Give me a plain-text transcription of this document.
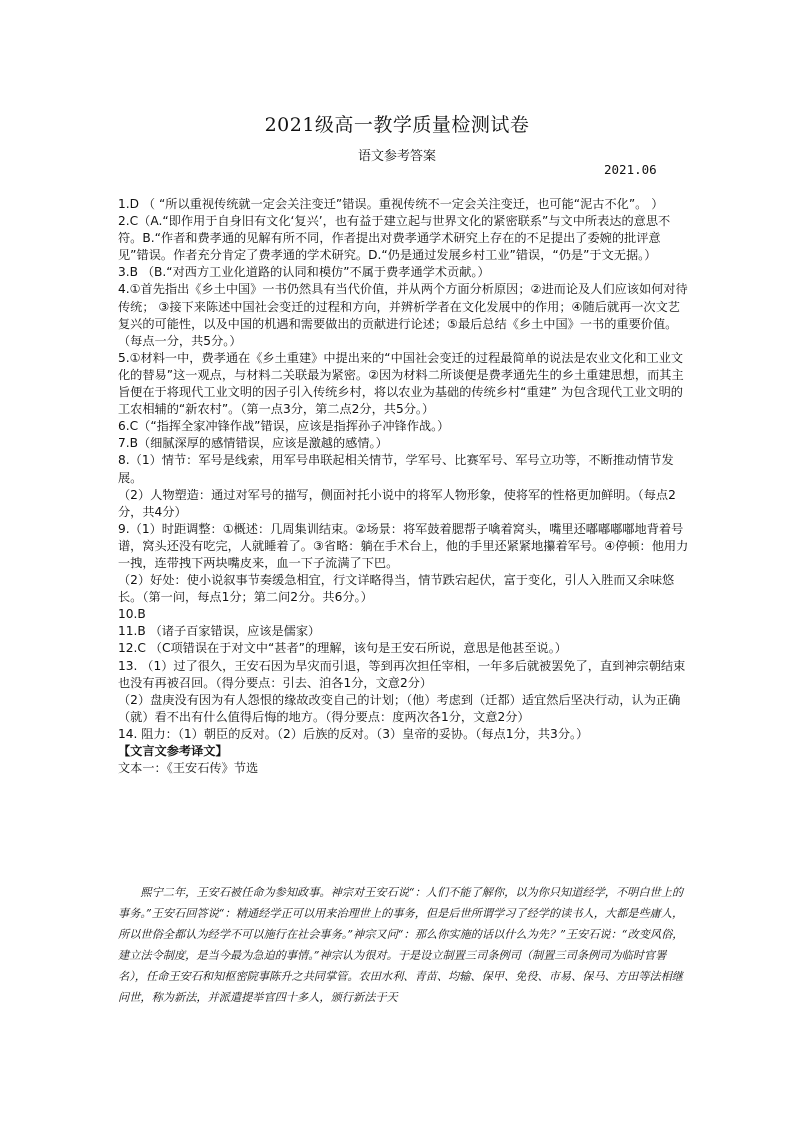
2021级高一教学质量检测试卷
语文参考答案
2021.06

1.D （ “所以重视传统就一定会关注变迁”错误。重视传统不一定会关注变迁，也可能“泥古不化”。 ）

2.C（A.“即作用于自身旧有文化‘复兴’，也有益于建立起与世界文化的紧密联系”与文中所表达的意思不符。B.“作者和费孝通的见解有所不同，作者提出对费孝通学术研究上存在的不足提出了委婉的批评意见”错误。作者充分肯定了费孝通的学术研究。D.“仍是通过发展乡村工业”错误，“仍是”于文无据。）

3.B （B.“对西方工业化道路的认同和模仿”不属于费孝通学术贡献。）

4.①首先指出《乡土中国》一书仍然具有当代价值，并从两个方面分析原因；②进而论及人们应该如何对待传统； ③接下来陈述中国社会变迁的过程和方向，并辨析学者在文化发展中的作用；④随后就再一次文艺复兴的可能性，以及中国的机遇和需要做出的贡献进行论述；⑤最后总结《乡土中国》一书的重要价值。（每点一分，共5分。）

5.①材料一中，费孝通在《乡土重建》中提出来的“中国社会变迁的过程最简单的说法是农业文化和工业文化的替易”这一观点，与材料二关联最为紧密。②因为材料二所谈便是费孝通先生的乡土重建思想，而其主旨便在于将现代工业文明的因子引入传统乡村，将以农业为基础的传统乡村“重建” 为包含现代工业文明的工农相辅的“新农村”。（第一点3分，第二点2分，共5分。）

6.C（“指挥全家冲锋作战”错误，应该是指挥孙子冲锋作战。）

7.B（细腻深厚的感情错误，应该是激越的感情。）

8.（1）情节：军号是线索，用军号串联起相关情节，学军号、比赛军号、军号立功等，不断推动情节发展。

（2）人物塑造：通过对军号的描写，侧面衬托小说中的将军人物形象，使将军的性格更加鲜明。（每点2分，共4分）

9.（1）时距调整：①概述：几周集训结束。②场景：将军鼓着腮帮子噙着窝头，嘴里还嘟嘟嘟嘟地背着号谱，窝头还没有吃完，人就睡着了。③省略：躺在手术台上，他的手里还紧紧地攥着军号。④停顿：他用力一拽，连带拽下两块嘴皮来，血一下子流满了下巴。

（2）好处：使小说叙事节奏缓急相宜，行文详略得当，情节跌宕起伏，富于变化，引人入胜而又余味悠长。（第一问，每点1分；第二问2分。共6分。）

10.B

11.B （诸子百家错误，应该是儒家）

12.C （C项错误在于对文中“甚者”的理解，该句是王安石所说，意思是他甚至说。）

13. （1）过了很久，王安石因为旱灾而引退，等到再次担任宰相，一年多后就被罢免了，直到神宗朝结束也没有再被召回。（得分要点：引去、洎各1分，文意2分）

（2）盘庚没有因为有人怨恨的缘故改变自己的计划；（他）考虑到（迁都）适宜然后坚决行动，认为正确（就）看不出有什么值得后悔的地方。（得分要点：度两次各1分，文意2分）

14. 阻力：（1）朝臣的反对。（2）后族的反对。（3）皇帝的妥协。（每点1分，共3分。）

【文言文参考译文】

文本一：《王安石传》节选

熙宁二年，王安石被任命为参知政事。神宗对王安石说“：人们不能了解你，以为你只知道经学，不明白世上的事务。”王安石回答说“：精通经学正可以用来治理世上的事务，但是后世所谓学习了经学的读书人，大都是些庸人，所以世俗全都认为经学不可以施行在社会事务。”神宗又问“：那么你实施的话以什么为先？”王安石说：“改变风俗，建立法令制度，是当今最为急迫的事情。”神宗认为很对。于是设立制置三司条例司（制置三司条例司为临时官署名），任命王安石和知枢密院事陈升之共同掌管。农田水利、青苗、均输、保甲、免役、市易、保马、方田等法相继问世，称为新法，并派遣提举官四十多人，颁行新法于天
